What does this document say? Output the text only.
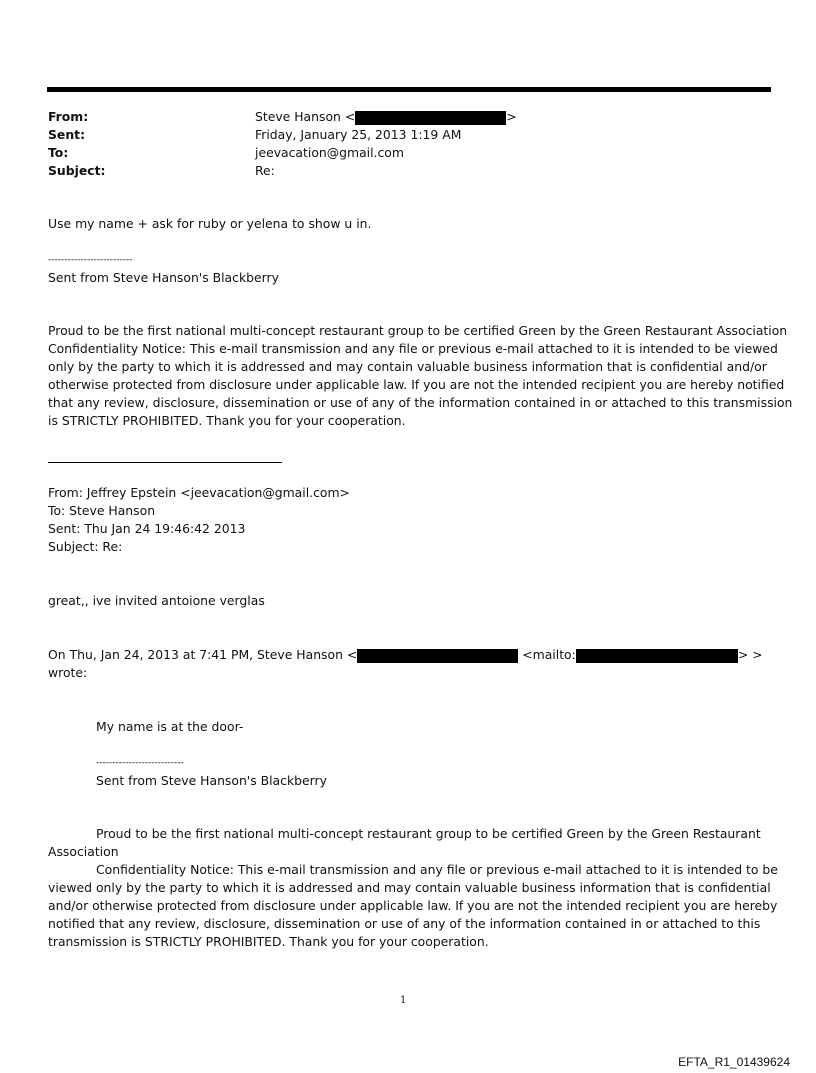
From:	Steve Hanson <	>
Sent:	Friday, January 25, 2013 1:19 AM
To:	jeevacation@gmail.com
Subject:	Re:
Use my name + ask for ruby or yelena to show u in.
--------------------------
Sent from Steve Hanson's Blackberry
Proud to be the first national multi-concept restaurant group to be certified Green by the Green Restaurant Association
Confidentiality Notice: This e-mail transmission and any file or previous e-mail attached to it is intended to be viewed
only by the party to which it is addressed and may contain valuable business information that is confidential and/or
otherwise protected from disclosure under applicable law. If you are not the intended recipient you are hereby notified
that any review, disclosure, dissemination or use of any of the information contained in or attached to this transmission
is STRICTLY PROHIBITED. Thank you for your cooperation.
From: Jeffrey Epstein <jeevacation@gmail.com>
To: Steve Hanson
Sent: Thu Jan 24 19:46:42 2013
Subject: Re:
great,, ive invited antoione verglas
On Thu, Jan 24, 2013 at 7:41 PM, Steve Hanson <	<mailto:	> >
wrote:
My name is at the door-
---------------------------
Sent from Steve Hanson's Blackberry
Proud to be the first national multi-concept restaurant group to be certified Green by the Green Restaurant
Association
Confidentiality Notice: This e-mail transmission and any file or previous e-mail attached to it is intended to be
viewed only by the party to which it is addressed and may contain valuable business information that is confidential
and/or otherwise protected from disclosure under applicable law. If you are not the intended recipient you are hereby
notified that any review, disclosure, dissemination or use of any of the information contained in or attached to this
transmission is STRICTLY PROHIBITED. Thank you for your cooperation.
1
EFTA_R1_01439624
